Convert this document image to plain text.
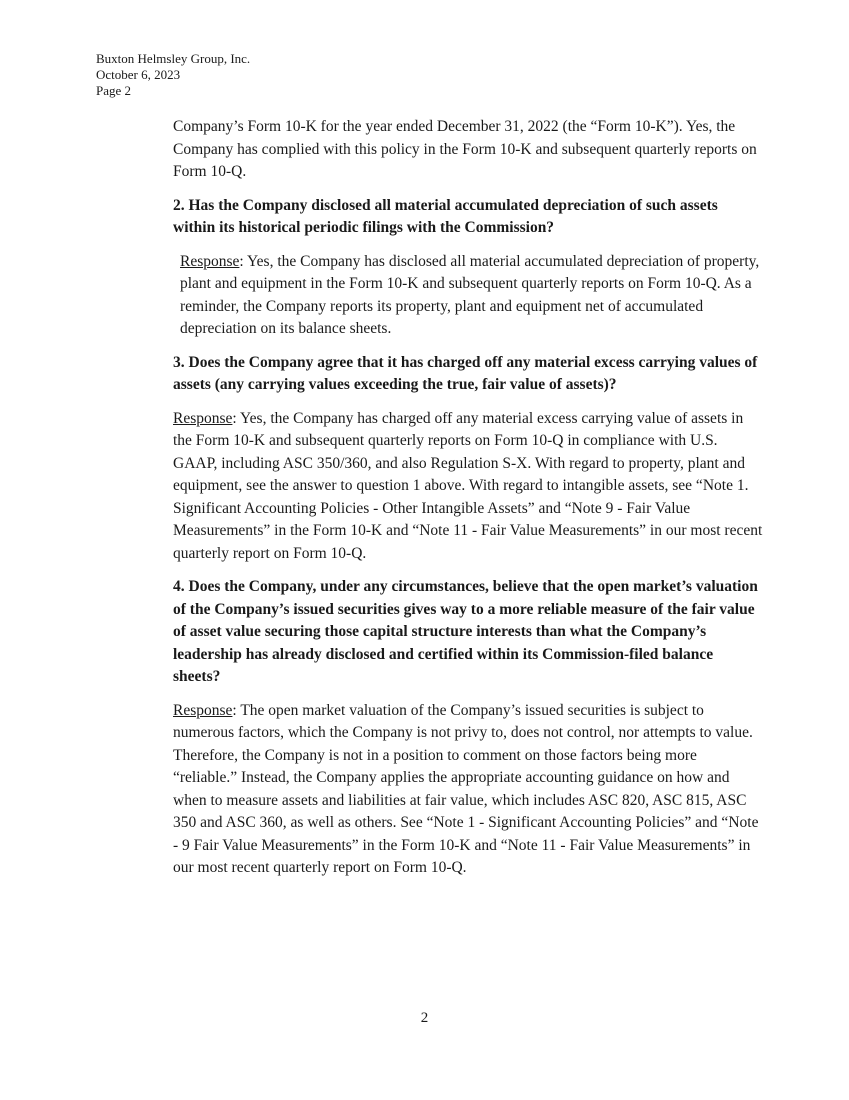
Buxton Helmsley Group, Inc.
October 6, 2023
Page 2

Company’s Form 10-K for the year ended December 31, 2022 (the “Form 10-K”). Yes, the Company has complied with this policy in the Form 10-K and subsequent quarterly reports on Form 10-Q.

2. Has the Company disclosed all material accumulated depreciation of such assets within its historical periodic filings with the Commission?

Response: Yes, the Company has disclosed all material accumulated depreciation of property, plant and equipment in the Form 10-K and subsequent quarterly reports on Form 10-Q. As a reminder, the Company reports its property, plant and equipment net of accumulated depreciation on its balance sheets.

3. Does the Company agree that it has charged off any material excess carrying values of assets (any carrying values exceeding the true, fair value of assets)?

Response: Yes, the Company has charged off any material excess carrying value of assets in the Form 10-K and subsequent quarterly reports on Form 10-Q in compliance with U.S. GAAP, including ASC 350/360, and also Regulation S-X. With regard to property, plant and equipment, see the answer to question 1 above. With regard to intangible assets, see “Note 1. Significant Accounting Policies - Other Intangible Assets” and “Note 9 - Fair Value Measurements” in the Form 10-K and “Note 11 - Fair Value Measurements” in our most recent quarterly report on Form 10-Q.

4. Does the Company, under any circumstances, believe that the open market’s valuation of the Company’s issued securities gives way to a more reliable measure of the fair value of asset value securing those capital structure interests than what the Company’s leadership has already disclosed and certified within its Commission-filed balance sheets?

Response: The open market valuation of the Company’s issued securities is subject to numerous factors, which the Company is not privy to, does not control, nor attempts to value. Therefore, the Company is not in a position to comment on those factors being more “reliable.” Instead, the Company applies the appropriate accounting guidance on how and when to measure assets and liabilities at fair value, which includes ASC 820, ASC 815, ASC 350 and ASC 360, as well as others. See “Note 1 - Significant Accounting Policies” and “Note - 9 Fair Value Measurements” in the Form 10-K and “Note 11 - Fair Value Measurements” in our most recent quarterly report on Form 10-Q.

2
